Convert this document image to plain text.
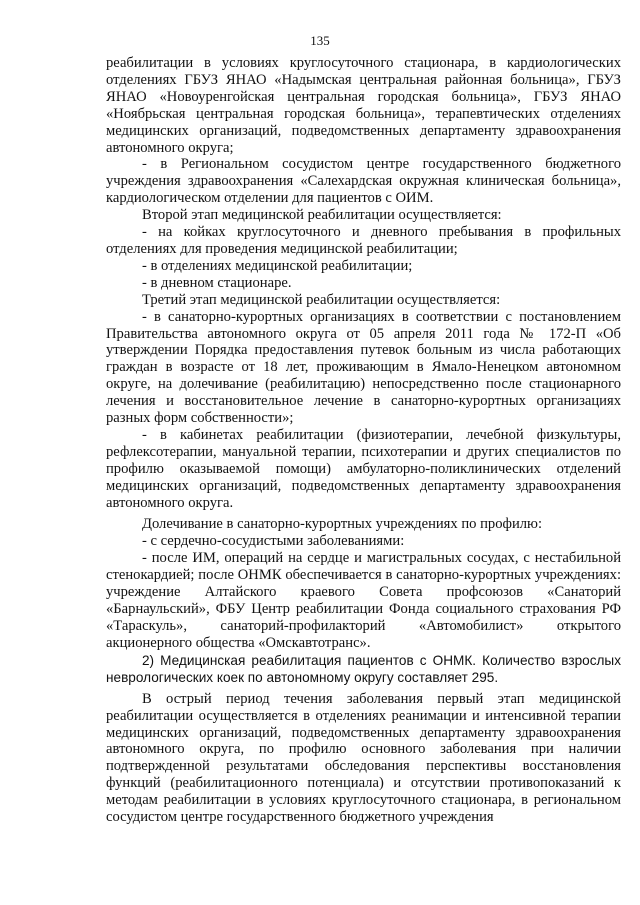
135

реабилитации в условиях круглосуточного стационара, в кардиологических отделениях ГБУЗ ЯНАО «Надымская центральная районная больница», ГБУЗ ЯНАО «Новоуренгойская центральная городская больница», ГБУЗ ЯНАО «Ноябрьская центральная городская больница», терапевтических отделениях медицинских организаций, подведомственных департаменту здравоохранения автономного округа;

- в Региональном сосудистом центре государственного бюджетного учреждения здравоохранения «Салехардская окружная клиническая больница», кардиологическом отделении для пациентов с ОИМ.

Второй этап медицинской реабилитации осуществляется:

- на койках круглосуточного и дневного пребывания в профильных отделениях для проведения медицинской реабилитации;

- в отделениях медицинской реабилитации;

- в дневном стационаре.

Третий этап медицинской реабилитации осуществляется:

- в санаторно-курортных организациях в соответствии с постановлением Правительства автономного округа от 05 апреля 2011 года № 172-П «Об утверждении Порядка предоставления путевок больным из числа работающих граждан в возрасте от 18 лет, проживающим в Ямало-Ненецком автономном округе, на долечивание (реабилитацию) непосредственно после стационарного лечения и восстановительное лечение в санаторно-курортных организациях разных форм собственности»;

- в кабинетах реабилитации (физиотерапии, лечебной физкультуры, рефлексотерапии, мануальной терапии, психотерапии и других специалистов по профилю оказываемой помощи) амбулаторно-поликлинических отделений медицинских организаций, подведомственных департаменту здравоохранения автономного округа.

Долечивание в санаторно-курортных учреждениях по профилю:

- с сердечно-сосудистыми заболеваниями:

- после ИМ, операций на сердце и магистральных сосудах, с нестабильной стенокардией; после ОНМК обеспечивается в санаторно-курортных учреждениях: учреждение Алтайского краевого Совета профсоюзов «Санаторий «Барнаульский», ФБУ Центр реабилитации Фонда социального страхования РФ «Тараскуль», санаторий-профилакторий «Автомобилист» открытого акционерного общества «Омскавтотранс».

2) Медицинская реабилитация пациентов с ОНМК. Количество взрослых неврологических коек по автономному округу составляет 295.

В острый период течения заболевания первый этап медицинской реабилитации осуществляется в отделениях реанимации и интенсивной терапии медицинских организаций, подведомственных департаменту здравоохранения автономного округа, по профилю основного заболевания при наличии подтвержденной результатами обследования перспективы восстановления функций (реабилитационного потенциала) и отсутствии противопоказаний к методам реабилитации в условиях круглосуточного стационара, в региональном сосудистом центре государственного бюджетного учреждения
